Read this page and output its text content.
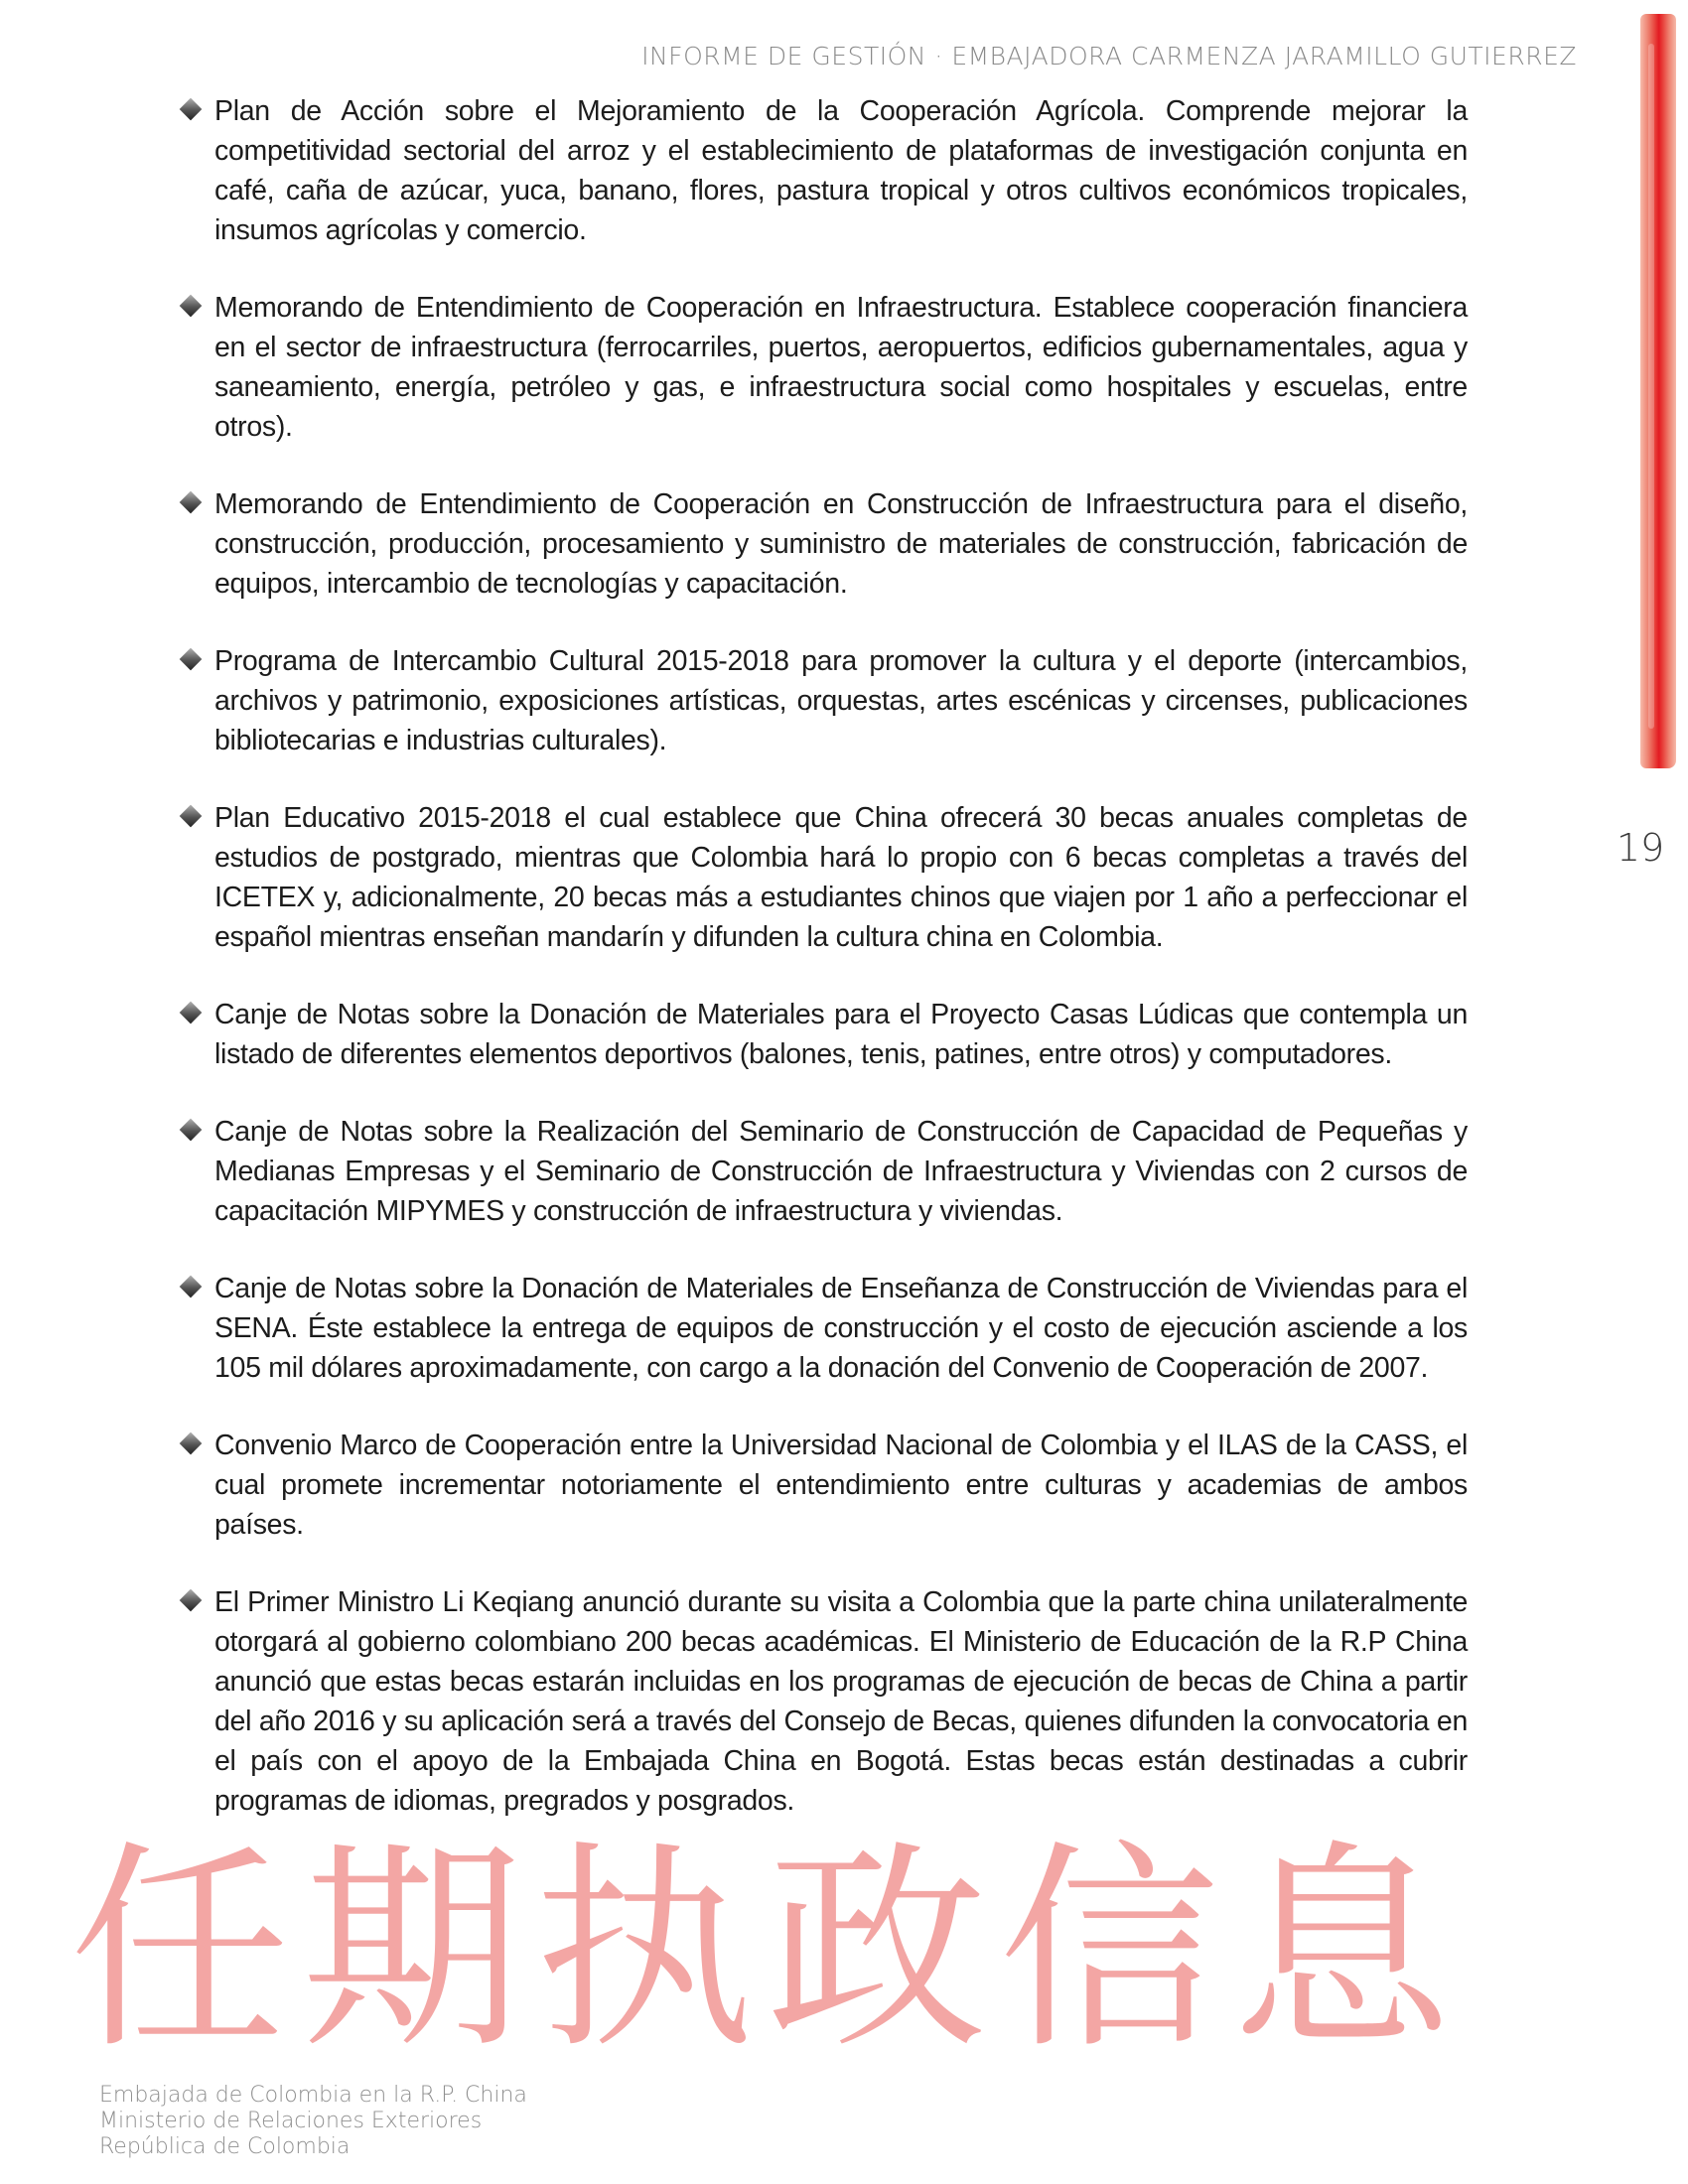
INFORME DE GESTIÓN · EMBAJADORA CARMENZA JARAMILLO GUTIERREZ
19
Plan de Acción sobre el Mejoramiento de la Cooperación Agrícola. Comprende mejorar la competitividad sectorial del arroz y el establecimiento de plataformas de investigación conjunta en café, caña de azúcar, yuca, banano, flores, pastura tropical y otros cultivos económicos tropicales, insumos agrícolas y comercio.
Memorando de Entendimiento de Cooperación en Infraestructura. Establece cooperación financiera en el sector de infraestructura (ferrocarriles, puertos, aeropuertos, edificios gubernamentales, agua y saneamiento, energía, petróleo y gas, e infraestructura social como hospitales y escuelas, entre otros).
Memorando de Entendimiento de Cooperación en Construcción de Infraestructura para el diseño, construcción, producción, procesamiento y suministro de materiales de construcción, fabricación de equipos, intercambio de tecnologías y capacitación.
Programa de Intercambio Cultural 2015-2018 para promover la cultura y el deporte (intercambios, archivos y patrimonio, exposiciones artísticas, orquestas, artes escénicas y circenses, publicaciones bibliotecarias e industrias culturales).
Plan Educativo 2015-2018 el cual establece que China ofrecerá 30 becas anuales completas de estudios de postgrado, mientras que Colombia hará lo propio con 6 becas completas a través del ICETEX y, adicionalmente, 20 becas más a estudiantes chinos que viajen por 1 año a perfeccionar el español mientras enseñan mandarín y difunden la cultura china en Colombia.
Canje de Notas sobre la Donación de Materiales para el Proyecto Casas Lúdicas que contempla un listado de diferentes elementos deportivos (balones, tenis, patines, entre otros) y computadores.
Canje de Notas sobre la Realización del Seminario de Construcción de Capacidad de Pequeñas y Medianas Empresas y el Seminario de Construcción de Infraestructura y Viviendas con 2 cursos de capacitación MIPYMES y construcción de infraestructura y viviendas.
Canje de Notas sobre la Donación de Materiales de Enseñanza de Construcción de Viviendas para el SENA. Éste establece la entrega de equipos de construcción y el costo de ejecución asciende a los 105 mil dólares aproximadamente, con cargo a la donación del Convenio de Cooperación de 2007.
Convenio Marco de Cooperación entre la Universidad Nacional de Colombia y el ILAS de la CASS, el cual promete incrementar notoriamente el entendimiento entre culturas y academias de ambos países.
El Primer Ministro Li Keqiang anunció durante su visita a Colombia que la parte china unilateralmente otorgará al gobierno colombiano 200 becas académicas. El Ministerio de Educación de la R.P China anunció que estas becas estarán incluidas en los programas de ejecución de becas de China a partir del año 2016 y su aplicación será a través del Consejo de Becas, quienes difunden la convocatoria en el país con el apoyo de la Embajada China en Bogotá. Estas becas están destinadas a cubrir programas de idiomas, pregrados y posgrados.
任期执政信息
Embajada de Colombia en la R.P. China
Ministerio de Relaciones Exteriores
República de Colombia
